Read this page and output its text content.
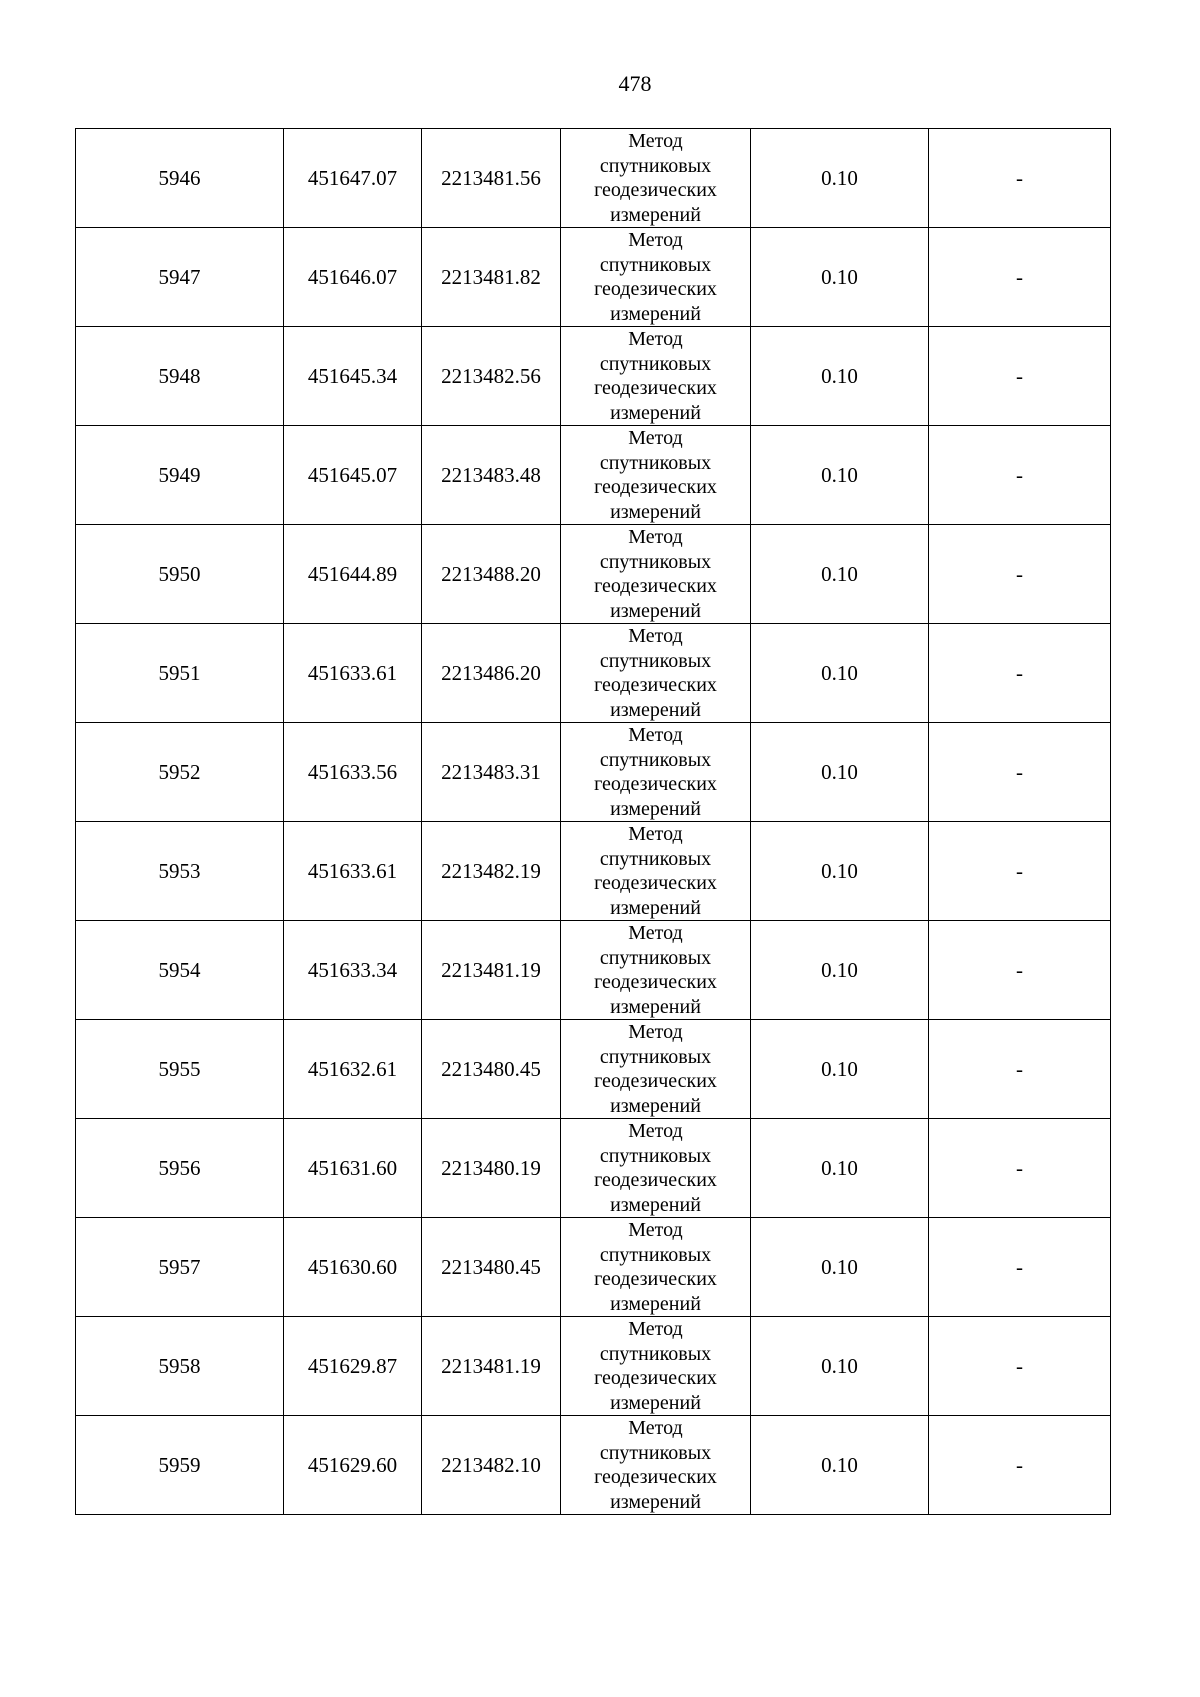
478
5946	451647.07	2213481.56	Метод спутниковых геодезических измерений	0.10	-
5947	451646.07	2213481.82	Метод спутниковых геодезических измерений	0.10	-
5948	451645.34	2213482.56	Метод спутниковых геодезических измерений	0.10	-
5949	451645.07	2213483.48	Метод спутниковых геодезических измерений	0.10	-
5950	451644.89	2213488.20	Метод спутниковых геодезических измерений	0.10	-
5951	451633.61	2213486.20	Метод спутниковых геодезических измерений	0.10	-
5952	451633.56	2213483.31	Метод спутниковых геодезических измерений	0.10	-
5953	451633.61	2213482.19	Метод спутниковых геодезических измерений	0.10	-
5954	451633.34	2213481.19	Метод спутниковых геодезических измерений	0.10	-
5955	451632.61	2213480.45	Метод спутниковых геодезических измерений	0.10	-
5956	451631.60	2213480.19	Метод спутниковых геодезических измерений	0.10	-
5957	451630.60	2213480.45	Метод спутниковых геодезических измерений	0.10	-
5958	451629.87	2213481.19	Метод спутниковых геодезических измерений	0.10	-
5959	451629.60	2213482.10	Метод спутниковых геодезических измерений	0.10	-
